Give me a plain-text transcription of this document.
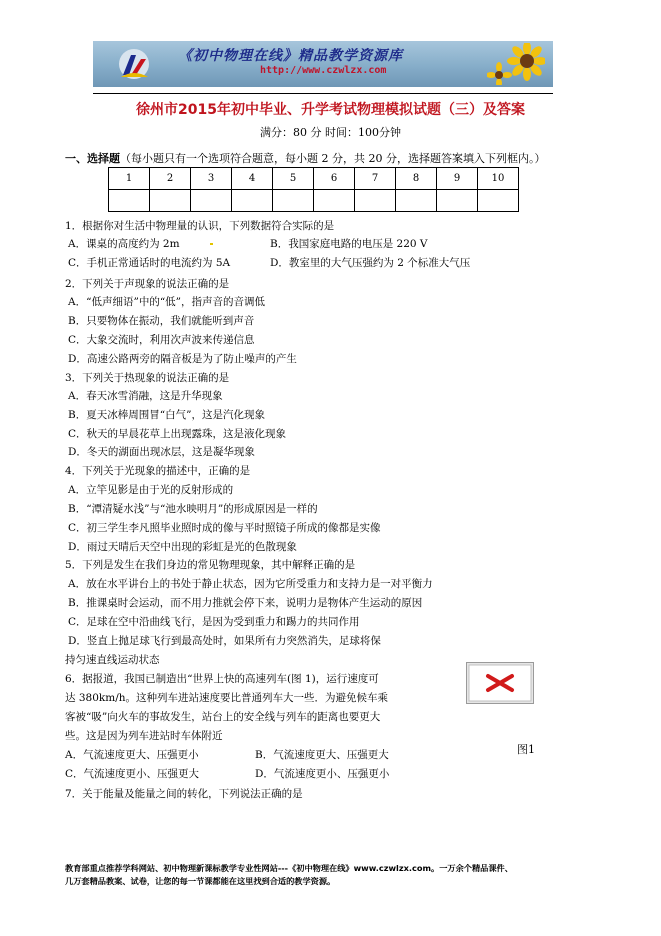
《初中物理在线》精品教学资源库
http://www.czwlzx.com
徐州市2015年初中毕业、升学考试物理模拟试题（三）及答案
满分：80 分 时间：100分钟
一、选择题（每小题只有一个选项符合题意，每小题 2 分，共 20 分，选择题答案填入下列框内。）
1	2	3	4	5	6	7	8	9	10

1．根据你对生活中物理量的认识，下列数据符合实际的是
A．课桌的高度约为 2m	B．我国家庭电路的电压是 220 V
C．手机正常通话时的电流约为 5A	D．教室里的大气压强约为 2 个标准大气压
2．下列关于声现象的说法正确的是
A．“低声细语”中的“低”，指声音的音调低
B．只要物体在振动，我们就能听到声音
C．大象交流时，利用次声波来传递信息
D．高速公路两旁的隔音板是为了防止噪声的产生
3．下列关于热现象的说法正确的是
A．春天冰雪消融，这是升华现象
B．夏天冰棒周围冒“白气”，这是汽化现象
C．秋天的早晨花草上出现露珠，这是液化现象
D．冬天的湖面出现冰层，这是凝华现象
4．下列关于光现象的描述中，正确的是
A．立竿见影是由于光的反射形成的
B．“潭清疑水浅”与“池水映明月”的形成原因是一样的
C．初三学生李凡照毕业照时成的像与平时照镜子所成的像都是实像
D．雨过天晴后天空中出现的彩虹是光的色散现象
5．下列是发生在我们身边的常见物理现象，其中解释正确的是
A．放在水平讲台上的书处于静止状态，因为它所受重力和支持力是一对平衡力
B．推课桌时会运动，而不用力推就会停下来，说明力是物体产生运动的原因
C．足球在空中沿曲线飞行，是因为受到重力和踢力的共同作用
D．竖直上抛足球飞行到最高处时，如果所有力突然消失，足球将保
持匀速直线运动状态
6．据报道，我国已制造出“世界上快的高速列车(图 1)，运行速度可
达 380km/h。这种列车进站速度要比普通列车大一些．为避免候车乘
客被“吸”向火车的事故发生，站台上的安全线与列车的距离也要更大
些。这是因为列车进站时车体附近
A．气流速度更大、压强更小	B．气流速度更大、压强更大
C．气流速度更小、压强更大	D．气流速度更小、压强更小
图1
7．关于能量及能量之间的转化，下列说法正确的是
教育部重点推荐学科网站、初中物理新课标教学专业性网站---《初中物理在线》www.czwlzx.com。一万余个精品课件、
几万套精品教案、试卷，让您的每一节课都能在这里找到合适的教学资源。
